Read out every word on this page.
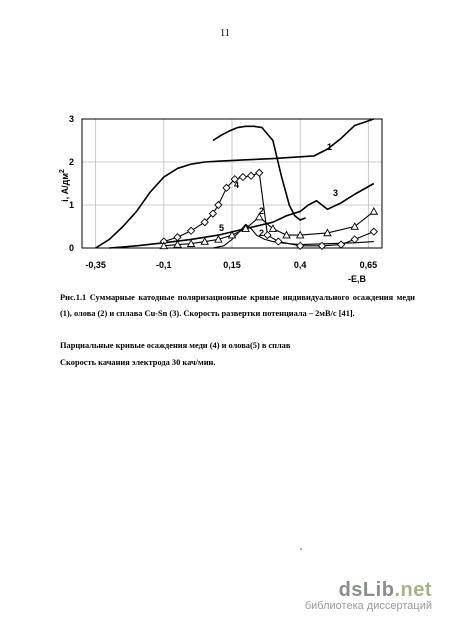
11
0
1
2
3
-0,35	-0,1	0,15	0,4	0,65
i, $А/дм^2$
-E,B
1
2
3
4
5
2
Рис.1.1 Суммарные катодные поляризационные кривые индивидуального осаждения меди (1), олова (2) и сплава Cu-Sn (3). Скорость развертки потенциала – 2мВ/с [41].
Парциальные кривые осаждения меди (4) и олова(5) в сплав
Скорость качания электрода 30 кач/мин.
dsLib.net
библиотека диссертаций
